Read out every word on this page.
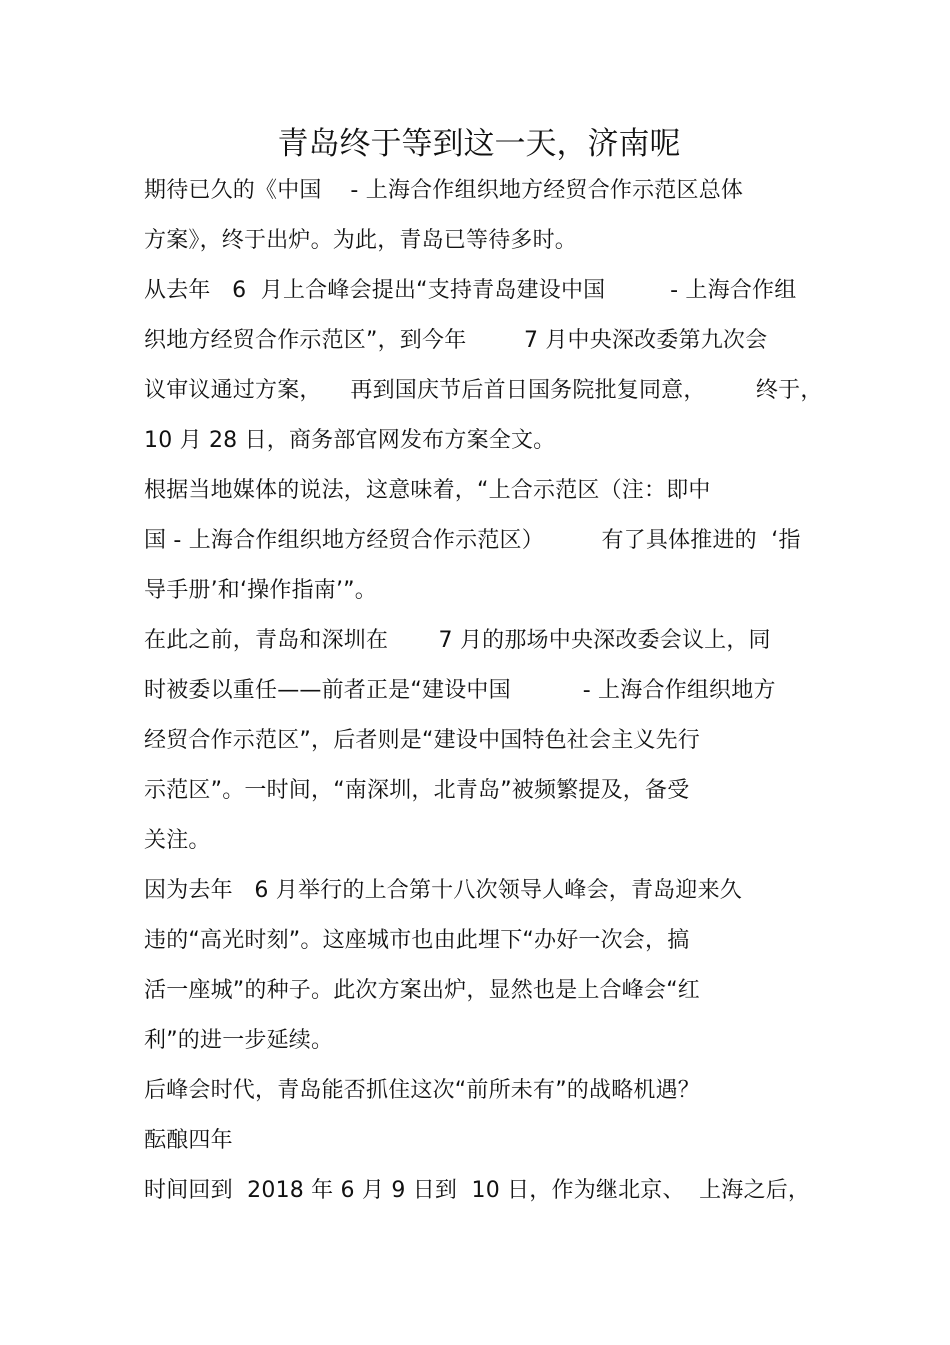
青岛终于等到这一天，济南呢
期待已久的《中国    - 上海合作组织地方经贸合作示范区总体
方案》，终于出炉。为此，青岛已等待多时。
从去年   6  月上合峰会提出“支持青岛建设中国         - 上海合作组
织地方经贸合作示范区”，到今年        7 月中央深改委第九次会
议审议通过方案，    再到国庆节后首日国务院批复同意，       终于，
10 月 28 日，商务部官网发布方案全文。
根据当地媒体的说法，这意味着，“上合示范区（注：即中
国 - 上海合作组织地方经贸合作示范区）        有了具体推进的  ‘指
导手册’和‘操作指南’”。
在此之前，青岛和深圳在       7 月的那场中央深改委会议上，同
时被委以重任——前者正是“建设中国          - 上海合作组织地方
经贸合作示范区”，后者则是“建设中国特色社会主义先行
示范区”。一时间，“南深圳，北青岛”被频繁提及，备受
关注。
因为去年   6 月举行的上合第十八次领导人峰会，青岛迎来久
违的“高光时刻”。这座城市也由此埋下“办好一次会，搞
活一座城”的种子。此次方案出炉，显然也是上合峰会“红
利”的进一步延续。
后峰会时代，青岛能否抓住这次“前所未有”的战略机遇？
酝酿四年
时间回到  2018 年 6 月 9 日到  10 日，作为继北京、  上海之后，
